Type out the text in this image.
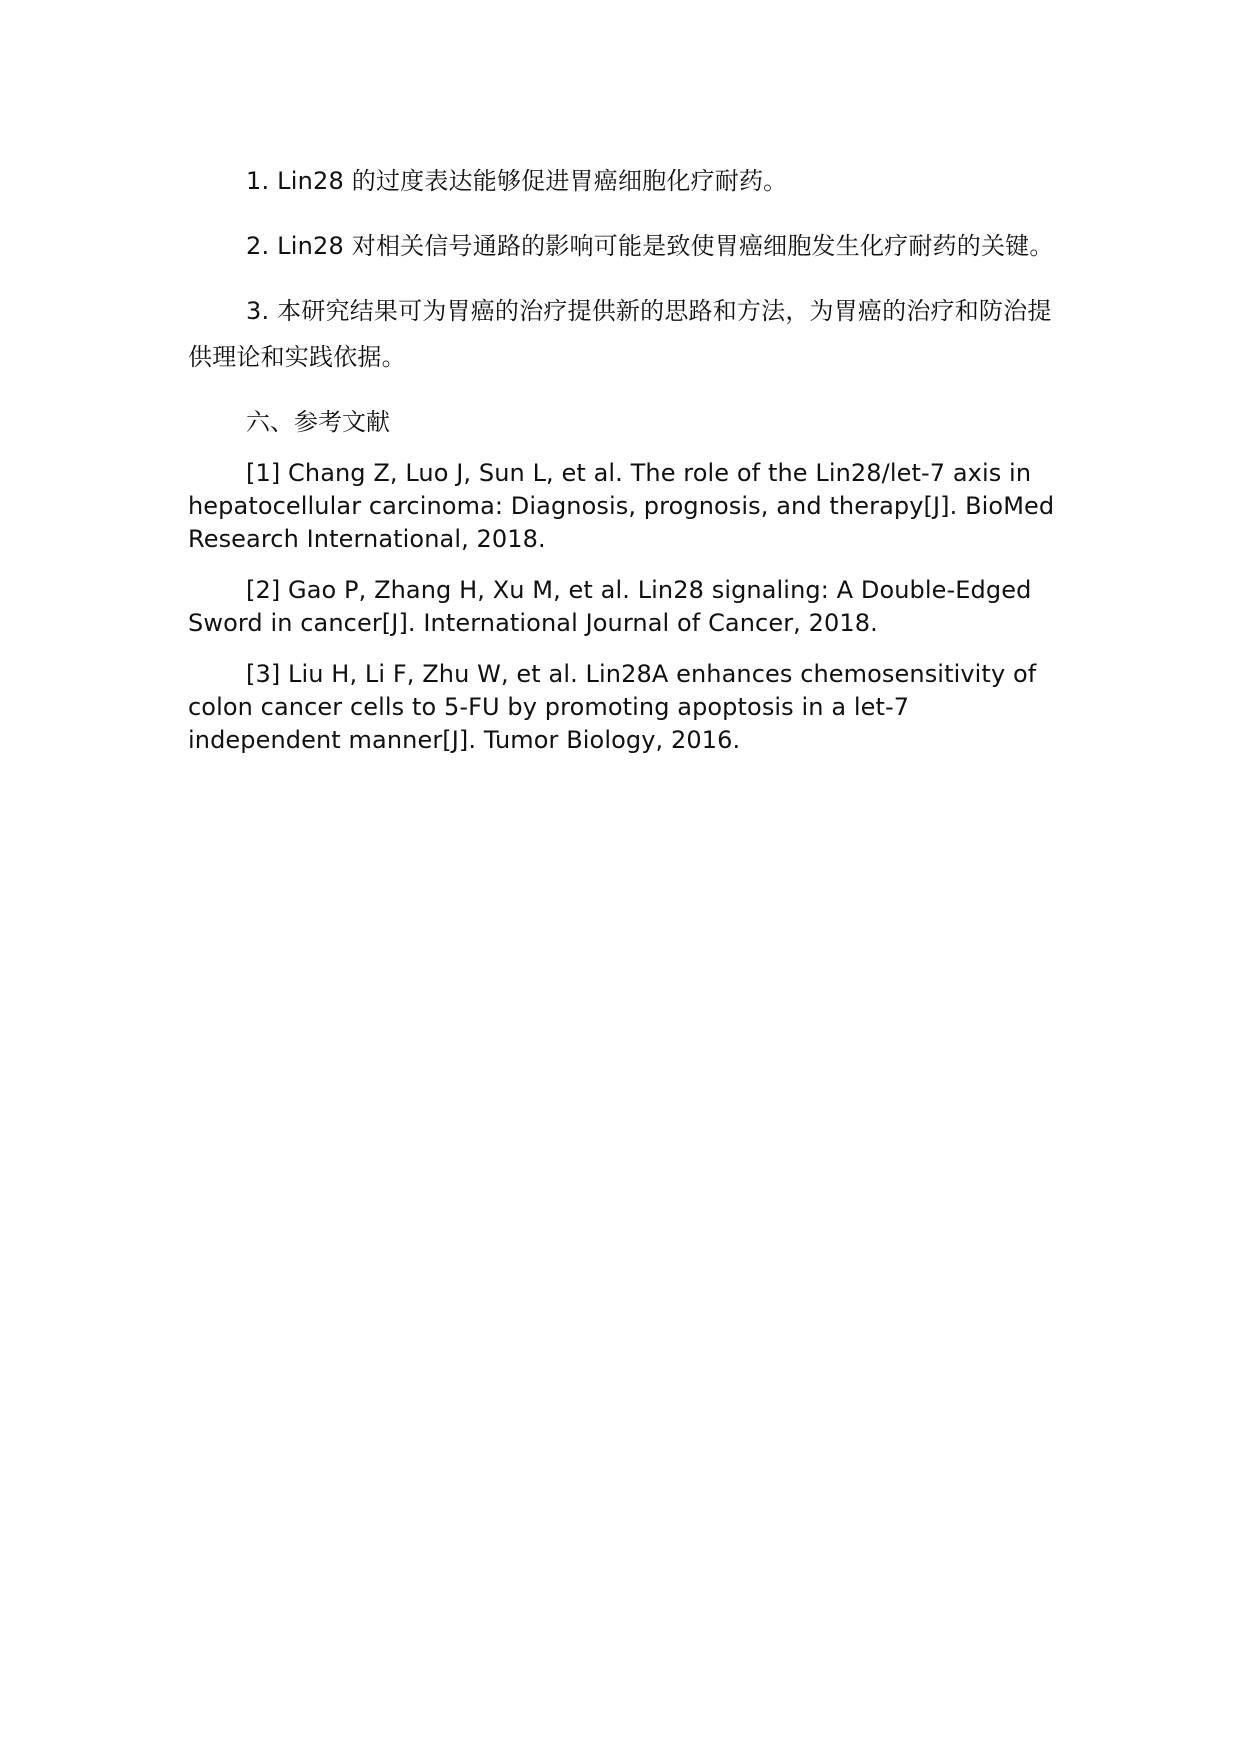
1. Lin28 的过度表达能够促进胃癌细胞化疗耐药。

2. Lin28 对相关信号通路的影响可能是致使胃癌细胞发生化疗耐药的关键。

3. 本研究结果可为胃癌的治疗提供新的思路和方法，为胃癌的治疗和防治提供理论和实践依据。

六、参考文献

[1] Chang Z, Luo J, Sun L, et al. The role of the Lin28/let-7 axis in hepatocellular carcinoma: Diagnosis, prognosis, and therapy[J]. BioMed Research International, 2018.

[2] Gao P, Zhang H, Xu M, et al. Lin28 signaling: A Double-Edged Sword in cancer[J]. International Journal of Cancer, 2018.

[3] Liu H, Li F, Zhu W, et al. Lin28A enhances chemosensitivity of colon cancer cells to 5-FU by promoting apoptosis in a let-7 independent manner[J]. Tumor Biology, 2016.
